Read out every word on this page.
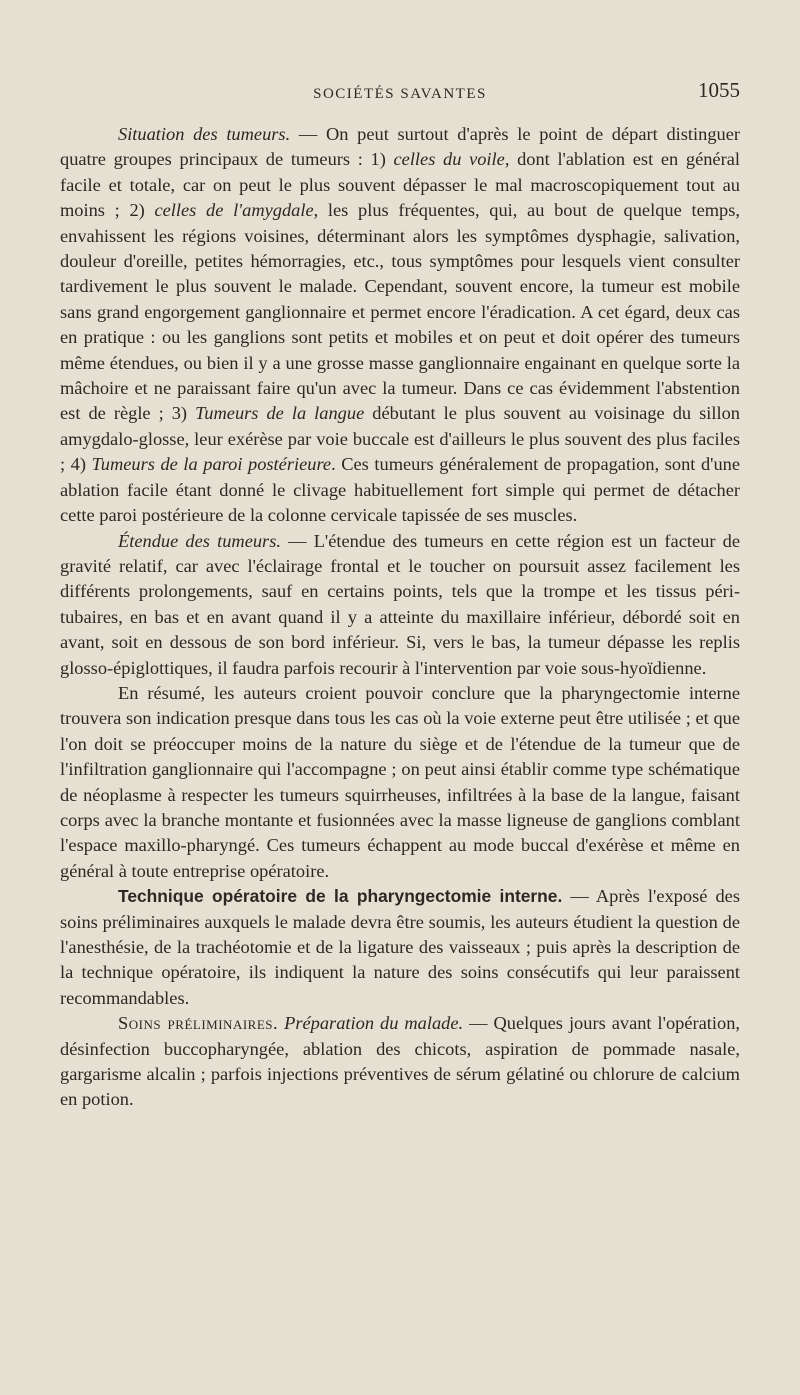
SOCIÉTÉS SAVANTES	1055

Situation des tumeurs. — On peut surtout d'après le point de départ distinguer quatre groupes principaux de tumeurs : 1) celles du voile, dont l'ablation est en général facile et totale, car on peut le plus souvent dépasser le mal macroscopiquement tout au moins ; 2) celles de l'amygdale, les plus fréquentes, qui, au bout de quelque temps, envahissent les régions voisines, déterminant alors les symptômes dysphagie, salivation, douleur d'oreille, petites hémorragies, etc., tous symptômes pour lesquels vient consulter tardivement le plus souvent le malade. Cependant, souvent encore, la tumeur est mobile sans grand engorgement ganglionnaire et permet encore l'éradication. A cet égard, deux cas en pratique : ou les ganglions sont petits et mobiles et on peut et doit opérer des tumeurs même étendues, ou bien il y a une grosse masse ganglionnaire engainant en quelque sorte la mâchoire et ne paraissant faire qu'un avec la tumeur. Dans ce cas évidemment l'abstention est de règle ; 3) Tumeurs de la langue débutant le plus souvent au voisinage du sillon amygdalo-glosse, leur exérèse par voie buccale est d'ailleurs le plus souvent des plus faciles ; 4) Tumeurs de la paroi postérieure. Ces tumeurs généralement de propagation, sont d'une ablation facile étant donné le clivage habituellement fort simple qui permet de détacher cette paroi postérieure de la colonne cervicale tapissée de ses muscles.

Étendue des tumeurs. — L'étendue des tumeurs en cette région est un facteur de gravité relatif, car avec l'éclairage frontal et le toucher on poursuit assez facilement les différents prolongements, sauf en certains points, tels que la trompe et les tissus péri-tubaires, en bas et en avant quand il y a atteinte du maxillaire inférieur, débordé soit en avant, soit en dessous de son bord inférieur. Si, vers le bas, la tumeur dépasse les replis glosso-épiglottiques, il faudra parfois recourir à l'intervention par voie sous-hyoïdienne.

En résumé, les auteurs croient pouvoir conclure que la pharyngectomie interne trouvera son indication presque dans tous les cas où la voie externe peut être utilisée ; et que l'on doit se préoccuper moins de la nature du siège et de l'étendue de la tumeur que de l'infiltration ganglionnaire qui l'accompagne ; on peut ainsi établir comme type schématique de néoplasme à respecter les tumeurs squirrheuses, infiltrées à la base de la langue, faisant corps avec la branche montante et fusionnées avec la masse ligneuse de ganglions comblant l'espace maxillo-pharyngé. Ces tumeurs échappent au mode buccal d'exérèse et même en général à toute entreprise opératoire.

Technique opératoire de la pharyngectomie interne. — Après l'exposé des soins préliminaires auxquels le malade devra être soumis, les auteurs étudient la question de l'anesthésie, de la trachéotomie et de la ligature des vaisseaux ; puis après la description de la technique opératoire, ils indiquent la nature des soins consécutifs qui leur paraissent recommandables.

Soins préliminaires. Préparation du malade. — Quelques jours avant l'opération, désinfection buccopharyngée, ablation des chicots, aspiration de pommade nasale, gargarisme alcalin ; parfois injections préventives de sérum gélatiné ou chlorure de calcium en potion.
